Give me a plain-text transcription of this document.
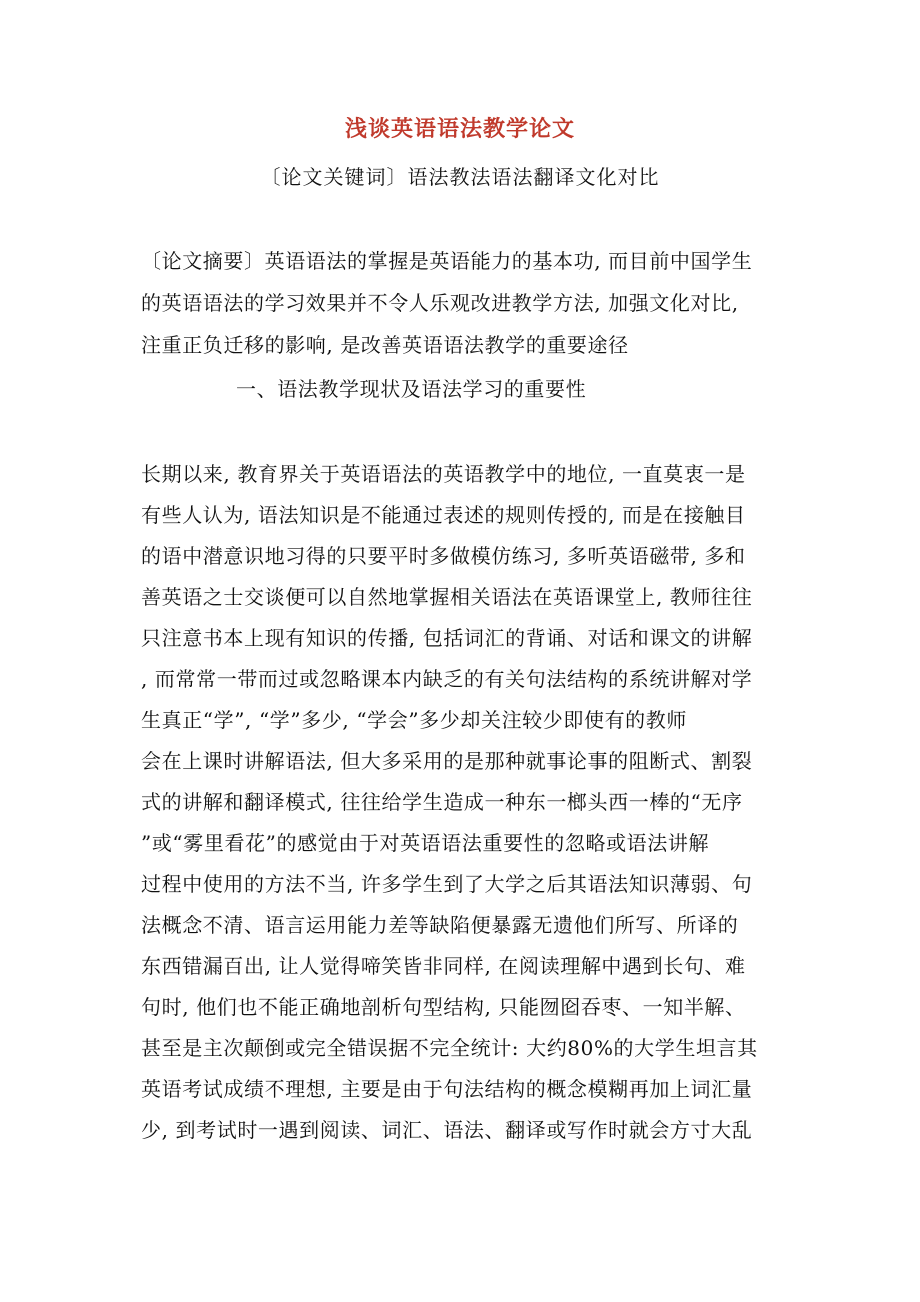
浅谈英语语法教学论文
〔论文关键词〕语法教法语法翻译文化对比
〔论文摘要〕英语语法的掌握是英语能力的基本功, 而目前中国学生
的英语语法的学习效果并不令人乐观改进教学方法, 加强文化对比,
注重正负迁移的影响, 是改善英语语法教学的重要途径
一、语法教学现状及语法学习的重要性
长期以来, 教育界关于英语语法的英语教学中的地位, 一直莫衷一是
有些人认为, 语法知识是不能通过表述的规则传授的, 而是在接触目
的语中潜意识地习得的只要平时多做模仿练习, 多听英语磁带, 多和
善英语之士交谈便可以自然地掌握相关语法在英语课堂上, 教师往往
只注意书本上现有知识的传播, 包括词汇的背诵、对话和课文的讲解
, 而常常一带而过或忽略课本内缺乏的有关句法结构的系统讲解对学
生真正“学”, “学”多少, “学会”多少却关注较少即使有的教师
会在上课时讲解语法, 但大多采用的是那种就事论事的阻断式、割裂
式的讲解和翻译模式, 往往给学生造成一种东一榔头西一棒的“无序
”或“雾里看花”的感觉由于对英语语法重要性的忽略或语法讲解
过程中使用的方法不当, 许多学生到了大学之后其语法知识薄弱、句
法概念不清、语言运用能力差等缺陷便暴露无遗他们所写、所译的
东西错漏百出, 让人觉得啼笑皆非同样, 在阅读理解中遇到长句、难
句时, 他们也不能正确地剖析句型结构, 只能囫囵吞枣、一知半解、
甚至是主次颠倒或完全错误据不完全统计: 大约80%的大学生坦言其
英语考试成绩不理想, 主要是由于句法结构的概念模糊再加上词汇量
少, 到考试时一遇到阅读、词汇、语法、翻译或写作时就会方寸大乱
